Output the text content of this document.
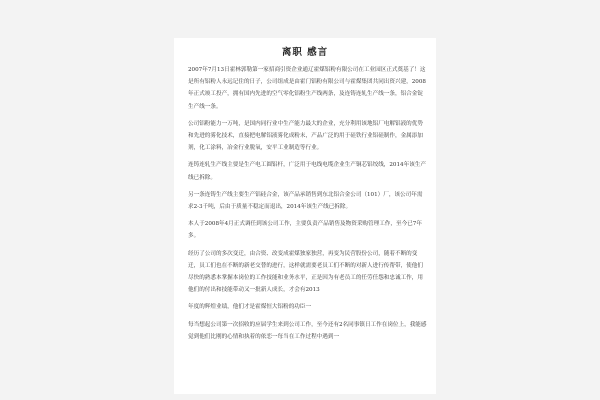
离职 感言

2007年7月13日霍林郭勒第一家招商引资企业通辽霍煤铝粉有限公司在工业园区正式奠基了！这是所有铝粉人永远记住的日子，公司组成是由霍门铝粉有限公司与霍煤集团共同出资兴建，2008年正式竣工投产，拥有国内先进的空气零化铝粉生产线两条，及连铸连轧生产线一条，铝合金锭生产线一条。

公司铝粉能力一万吨，是国内同行业中生产能力最大的企业，充分利用该地铝厂电解铝液的优势和先进的雾化技术，直接把电解铝液雾化成粉末，产品广泛的用于硅铁行业铝硅制作，金属添加剂，化工涂料，冶金行业脱氧，安平工业制造等行业。

连铸连轧生产线主要是生产电工圆铝杆，广泛用于电线电缆企业生产铜芯铝绞线，2014年该生产线已拆除。

另一条连铸生产线主要生产铝硅合金，该产品承销售到东北铝合金公司（101）厂，该公司年需求2-3千吨，后由于质量不稳定而退出，2014年该生产线已拆除。

本人于2008年4月正式调任到该公司工作，主要负责产品销售及物资采购管理工作，至今已7年多。

经历了公司的多次变迁，由合资、改变成霍煤独家独营，再变为民营股份公司，随着不断的变迁，员工们也在不断的新老交替的进行，这样就需要老员工们不断的对新人进行传帮带，使他们尽快的熟悉本掌握本岗位的工作技能和业务水平，正是因为有老员工的任劳任怨和忠诚工作，用他们的付出和技能带动又一批新人成长，才会有2013

年度的辉煌业绩，他们才是霍煤恒大铝粉的功臣一

每当想起公司第一次招收的应届学生来到公司工作，至今还有2名同事镇日工作在岗位上，我能感觉到他们比刚的心情和执着的依恋一每当在工作过程中遇到一
